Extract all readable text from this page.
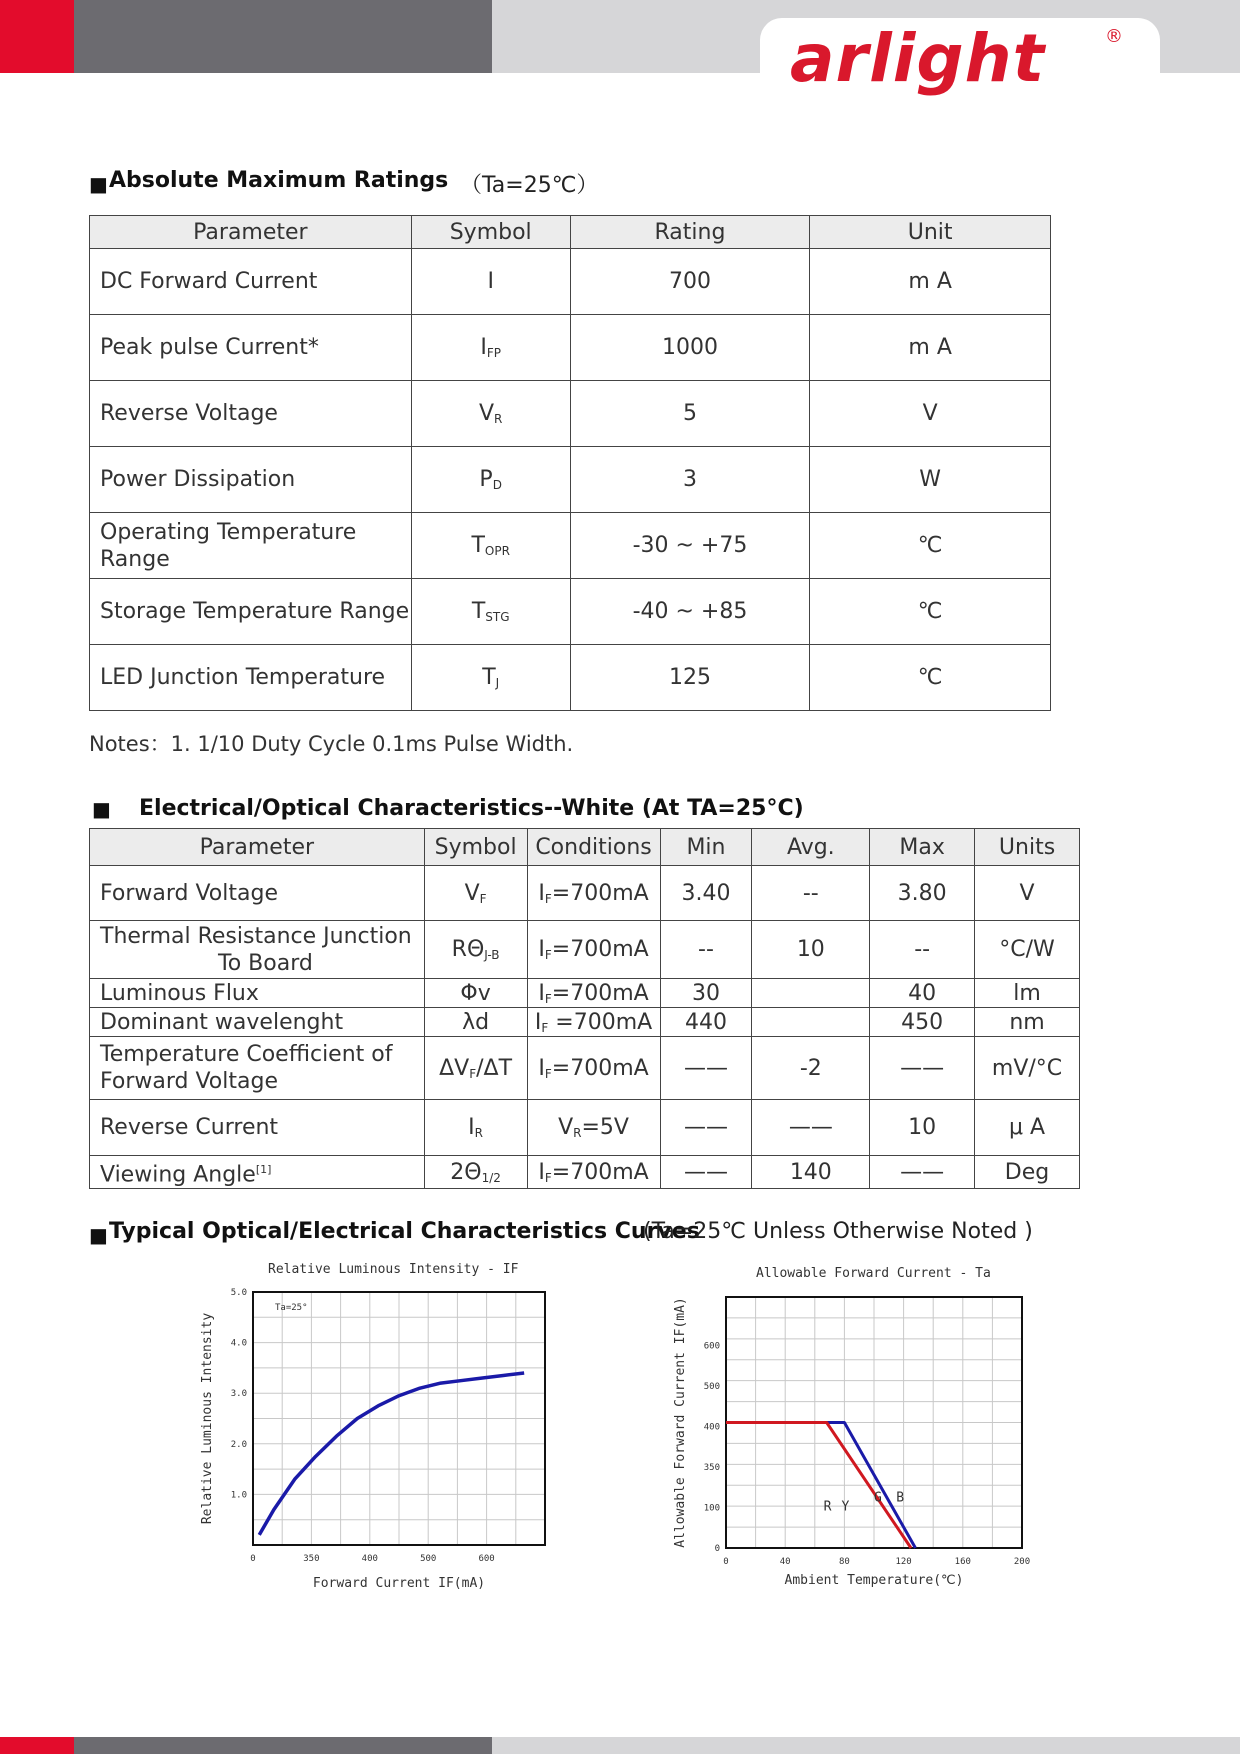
arlight	®
■ Absolute Maximum Ratings （Ta=25℃）
Parameter	Symbol	Rating	Unit
DC Forward Current	I	700	m A
Peak pulse Current*	$I_{FP}$	1000	m A
Reverse Voltage	$V_R$	5	V
Power Dissipation	$P_D$	3	W
Operating Temperature Range	$T_{OPR}$	-30 ~ +75	℃
Storage Temperature Range	$T_{STG}$	-40 ~ +85	℃
LED Junction Temperature	$T_J$	125	℃
Notes：1. 1/10 Duty Cycle 0.1ms Pulse Width.
■ Electrical/Optical Characteristics--White (At TA=25°C)
Parameter	Symbol	Conditions	Min	Avg.	Max	Units
Forward Voltage	$V_F$	$I_F=700mA$	3.40	--	3.80	V

Thermal Resistance Junction
To Board	$R\Theta_{J-B}$	$I_F=700mA$	--	10	--	°C/W
Luminous Flux	Φv	$I_F=700mA$	30		40	lm
Dominant wavelenght	λd	$I_F =700mA$	440		450	nm

Temperature Coefficient of
Forward Voltage	$\Delta V_F/\Delta T$	$I_F=700mA$	——	-2	——	mV/°C
Reverse Current	$I_R$	$V_R=5V$	——	——	10	μ A
Viewing Angle[1]	$2\Theta_{1/2}$	$I_F=700mA$	——	140	——	Deg
■ Typical Optical/Electrical Characteristics Curves
(Ta=25℃ Unless Otherwise Noted )
Relative Luminous Intensity - IF
0	350	400	500	600
1.0
2.0
3.0
4.0
5.0
Ta=25°
Forward Current IF(mA)
Relative Luminous Intensity
Allowable Forward Current - Ta
0	40	80	120	160	200
0
100
350
400
500
600
R Y
G B
Ambient Temperature(℃)
Allowable Forward Current IF(mA)
